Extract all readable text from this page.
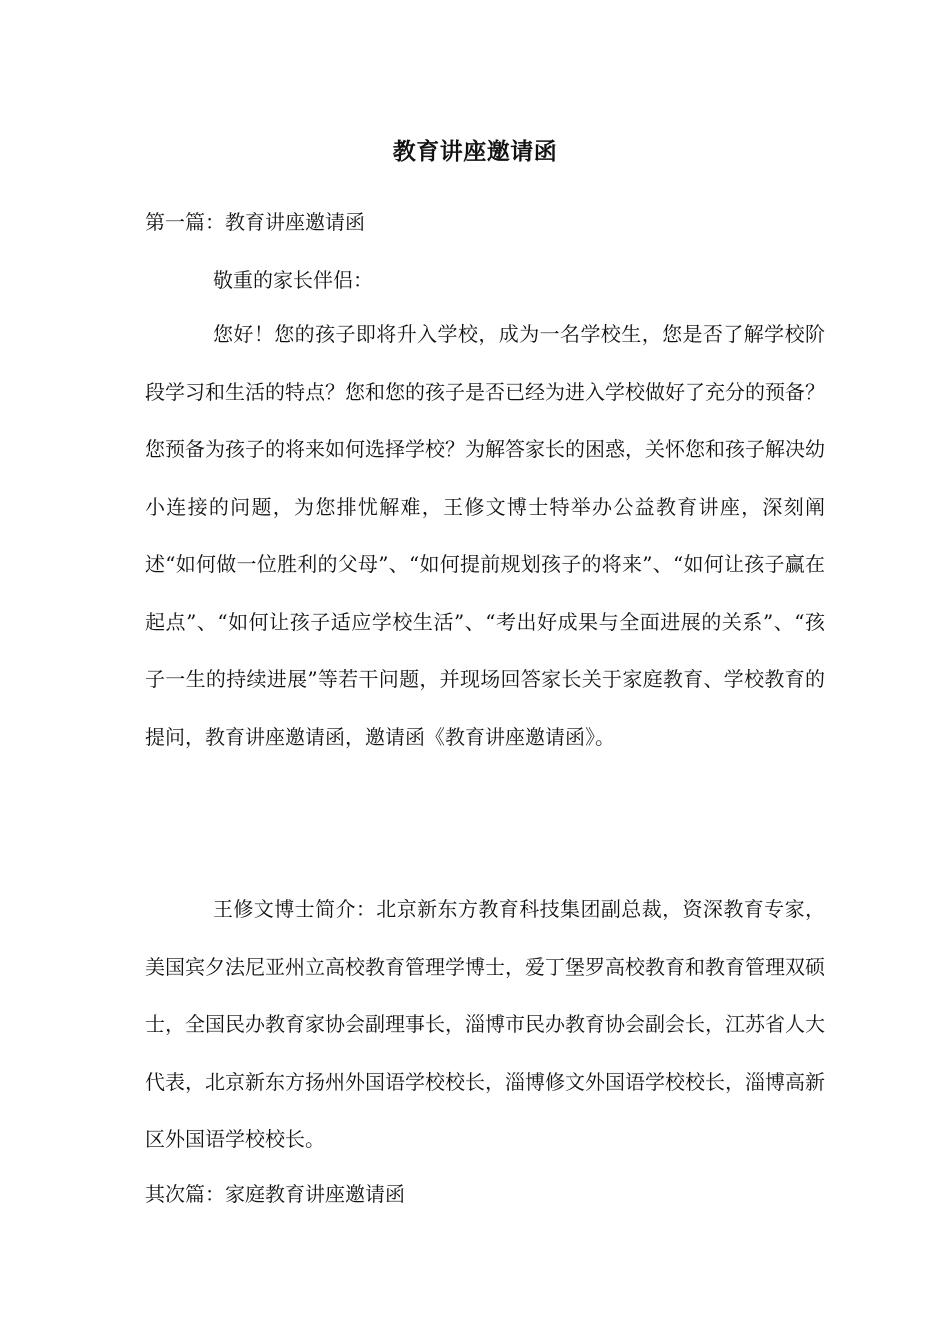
教育讲座邀请函
第一篇：教育讲座邀请函
敬重的家长伴侣：

您好！您的孩子即将升入学校，成为一名学校生，您是否了解学校阶段学习和生活的特点？您和您的孩子是否已经为进入学校做好了充分的预备？您预备为孩子的将来如何选择学校？为解答家长的困惑，关怀您和孩子解决幼小连接的问题，为您排忧解难，王修文博士特举办公益教育讲座，深刻阐述“如何做一位胜利的父母”、“如何提前规划孩子的将来”、“如何让孩子赢在起点”、“如何让孩子适应学校生活”、“考出好成果与全面进展的关系”、“孩子一生的持续进展”等若干问题，并现场回答家长关于家庭教育、学校教育的提问，教育讲座邀请函，邀请函《教育讲座邀请函》。

王修文博士简介：北京新东方教育科技集团副总裁，资深教育专家，美国宾夕法尼亚州立高校教育管理学博士，爱丁堡罗高校教育和教育管理双硕士，全国民办教育家协会副理事长，淄博市民办教育协会副会长，江苏省人大代表，北京新东方扬州外国语学校校长，淄博修文外国语学校校长，淄博高新区外国语学校校长。

其次篇：家庭教育讲座邀请函
